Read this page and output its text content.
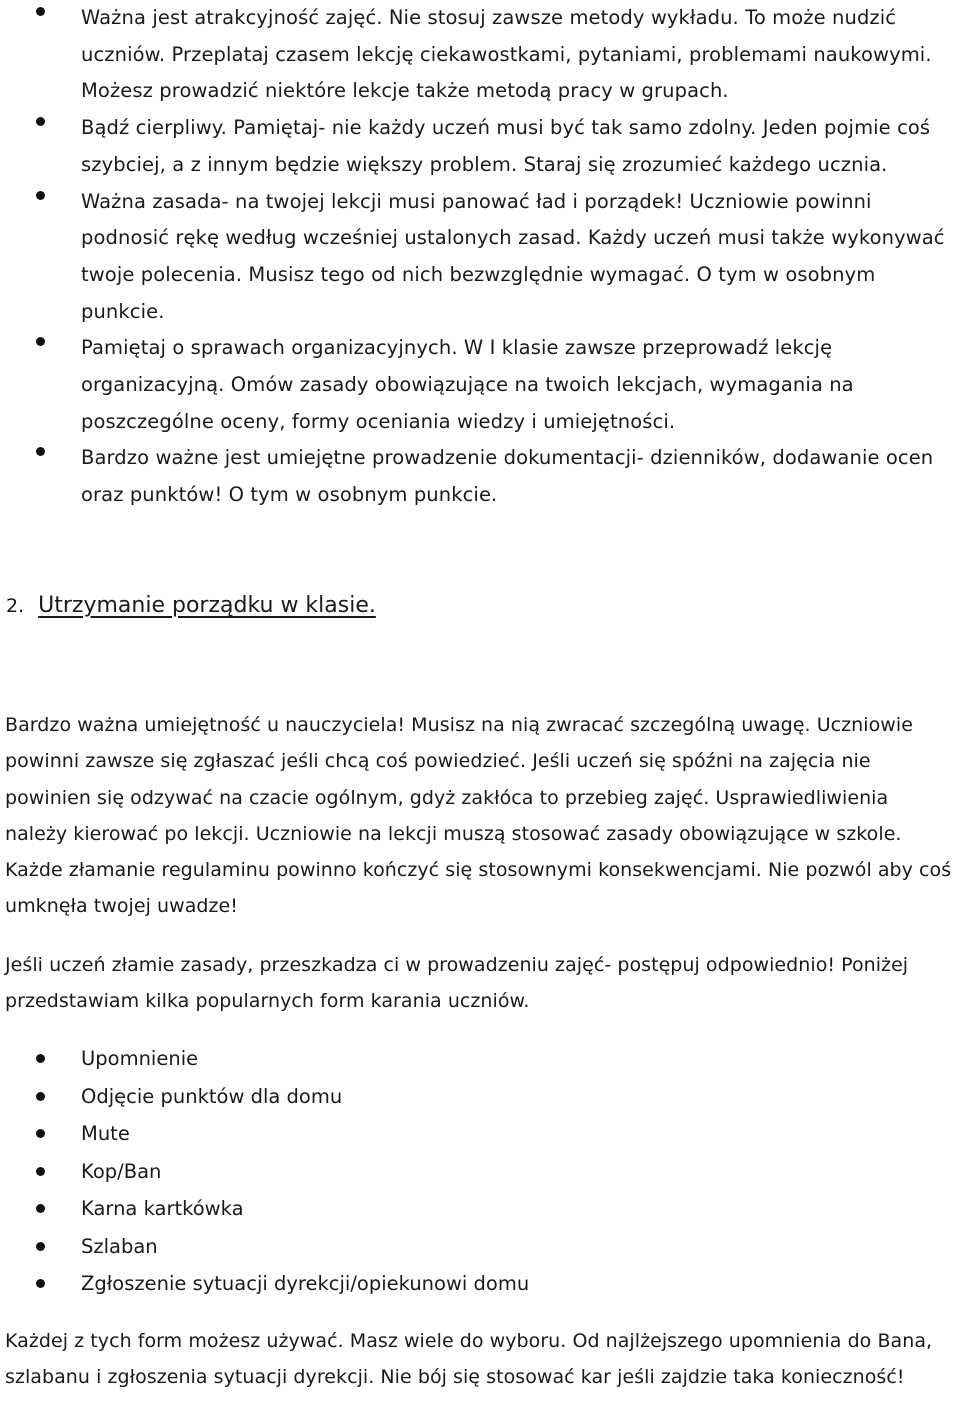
Ważna jest atrakcyjność zajęć. Nie stosuj zawsze metody wykładu. To może nudzić uczniów. Przeplataj czasem lekcję ciekawostkami, pytaniami, problemami naukowymi. Możesz prowadzić niektóre lekcje także metodą pracy w grupach.
Bądź cierpliwy. Pamiętaj- nie każdy uczeń musi być tak samo zdolny. Jeden pojmie coś szybciej, a z innym będzie większy problem. Staraj się zrozumieć każdego ucznia.
Ważna zasada- na twojej lekcji musi panować ład i porządek! Uczniowie powinni podnosić rękę według wcześniej ustalonych zasad. Każdy uczeń musi także wykonywać twoje polecenia. Musisz tego od nich bezwzględnie wymagać. O tym w osobnym punkcie.
Pamiętaj o sprawach organizacyjnych. W I klasie zawsze przeprowadź lekcję organizacyjną. Omów zasady obowiązujące na twoich lekcjach, wymagania na poszczególne oceny, formy oceniania wiedzy i umiejętności.
Bardzo ważne jest umiejętne prowadzenie dokumentacji- dzienników, dodawanie ocen oraz punktów! O tym w osobnym punkcie.
2. Utrzymanie porządku w klasie.

Bardzo ważna umiejętność u nauczyciela! Musisz na nią zwracać szczególną uwagę. Uczniowie powinni zawsze się zgłaszać jeśli chcą coś powiedzieć. Jeśli uczeń się spóźni na zajęcia nie powinien się odzywać na czacie ogólnym, gdyż zakłóca to przebieg zajęć. Usprawiedliwienia należy kierować po lekcji. Uczniowie na lekcji muszą stosować zasady obowiązujące w szkole. Każde złamanie regulaminu powinno kończyć się stosownymi konsekwencjami. Nie pozwól aby coś umknęła twojej uwadze!

Jeśli uczeń złamie zasady, przeszkadza ci w prowadzeniu zajęć- postępuj odpowiednio! Poniżej przedstawiam kilka popularnych form karania uczniów.

Upomnienie
Odjęcie punktów dla domu
Mute
Kop/Ban
Karna kartkówka
Szlaban
Zgłoszenie sytuacji dyrekcji/opiekunowi domu

Każdej z tych form możesz używać. Masz wiele do wyboru. Od najlżejszego upomnienia do Bana, szlabanu i zgłoszenia sytuacji dyrekcji. Nie bój się stosować kar jeśli zajdzie taka konieczność!
